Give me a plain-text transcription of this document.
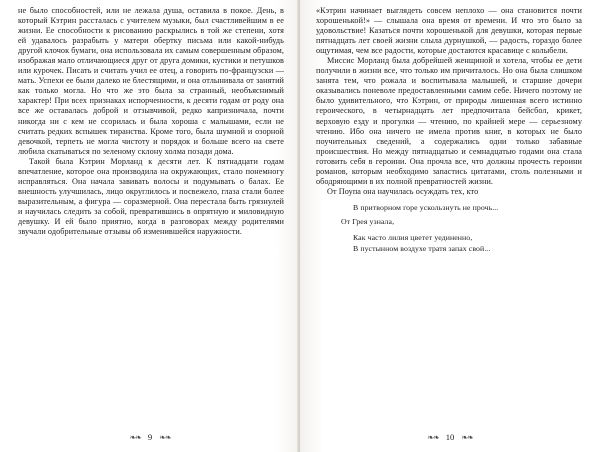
не было способностей, или не лежала душа, оставила в покое. День, в который Кэтрин рассталась с учителем музыки, был счастливейшим в ее жизни. Ее способности к рисованию раскрылись в той же степени, хотя ей удавалось разрабыть у матери обертку письма или какой-нибудь другой клочок бумаги, она использовала их самым совершенным образом, изображая мало отличающиеся друг от друга домики, кустики и петушков или курочек. Писать и считать учил ее отец, а говорить по-французски — мать. Успехи ее были далеко не блестящими, и она отлынивала от занятий как только могла. Но что же это была за странный, необъяснимый характер! При всех признаках испорченности, к десяти годам от роду она все же оставалась доброй и отзывчивой, редко капризничала, почти никогда ни с кем не ссорилась и была хороша с малышами, если не считать редких вспышек тиранства. Кроме того, была шумной и озорной девочкой, терпеть не могла чистоту и порядок и больше всего на свете любила скатываться по зеленому склону холма позади дома.

Такой была Кэтрин Морланд к десяти лет. К пятнадцати годам впечатление, которое она производила на окружающих, стало понемногу исправляться. Она начала завивать волосы и подумывать о балах. Ее внешность улучшилась, лицо округлилось и посвежело, глаза стали более выразительным, а фигура — соразмерной. Она перестала быть грязнулей и научилась следить за собой, превратившись в опрятную и миловидную девушку. И ей было приятно, когда в разговорах между родителями звучали одобрительные отзывы об изменившейся наружности.

❧❧ 9 ❧❧

«Кэтрин начинает выглядеть совсем неплохо — она становится почти хорошенькой!» — слышала она время от времени. И что это было за удовольствие! Казаться почти хорошенькой для девушки, которая первые пятнадцать лет своей жизни слыла дурнушкой, — радость, гораздо более ощутимая, чем все радости, которые достаются красавице с колыбели.

Миссис Морланд была добрейшей женщиной и хотела, чтобы ее дети получили в жизни все, что только им причиталось. Но она была слишком занята тем, что рожала и воспитывала малышей, и старшие дочери оказывались поневоле предоставленными самим себе. Ничего поэтому не было удивительного, что Кэтрин, от природы лишенная всего истинно героического, в четырнадцать лет предпочитала бейсбол, крикет, верховую езду и прогулки — чтению, по крайней мере — серьезному чтению. Ибо она ничего не имела против книг, в которых не было поучительных сведений, а содержались одни только забавные происшествия. Но между пятнадцатью и семнадцатью годами она стала готовить себя в героини. Она прочла все, что должны прочесть героини романов, которым необходимо запастись цитатами, столь полезными и ободряющими в их полной превратностей жизни.

От Поупа она научилась осуждать тех, кто

В притворном горе ускользнуть не прочь...

От Грея узнала,

Как часто лилия цветет уединенно,

В пустынном воздухе тратя запах свой...

❧❧ 10 ❧❧
